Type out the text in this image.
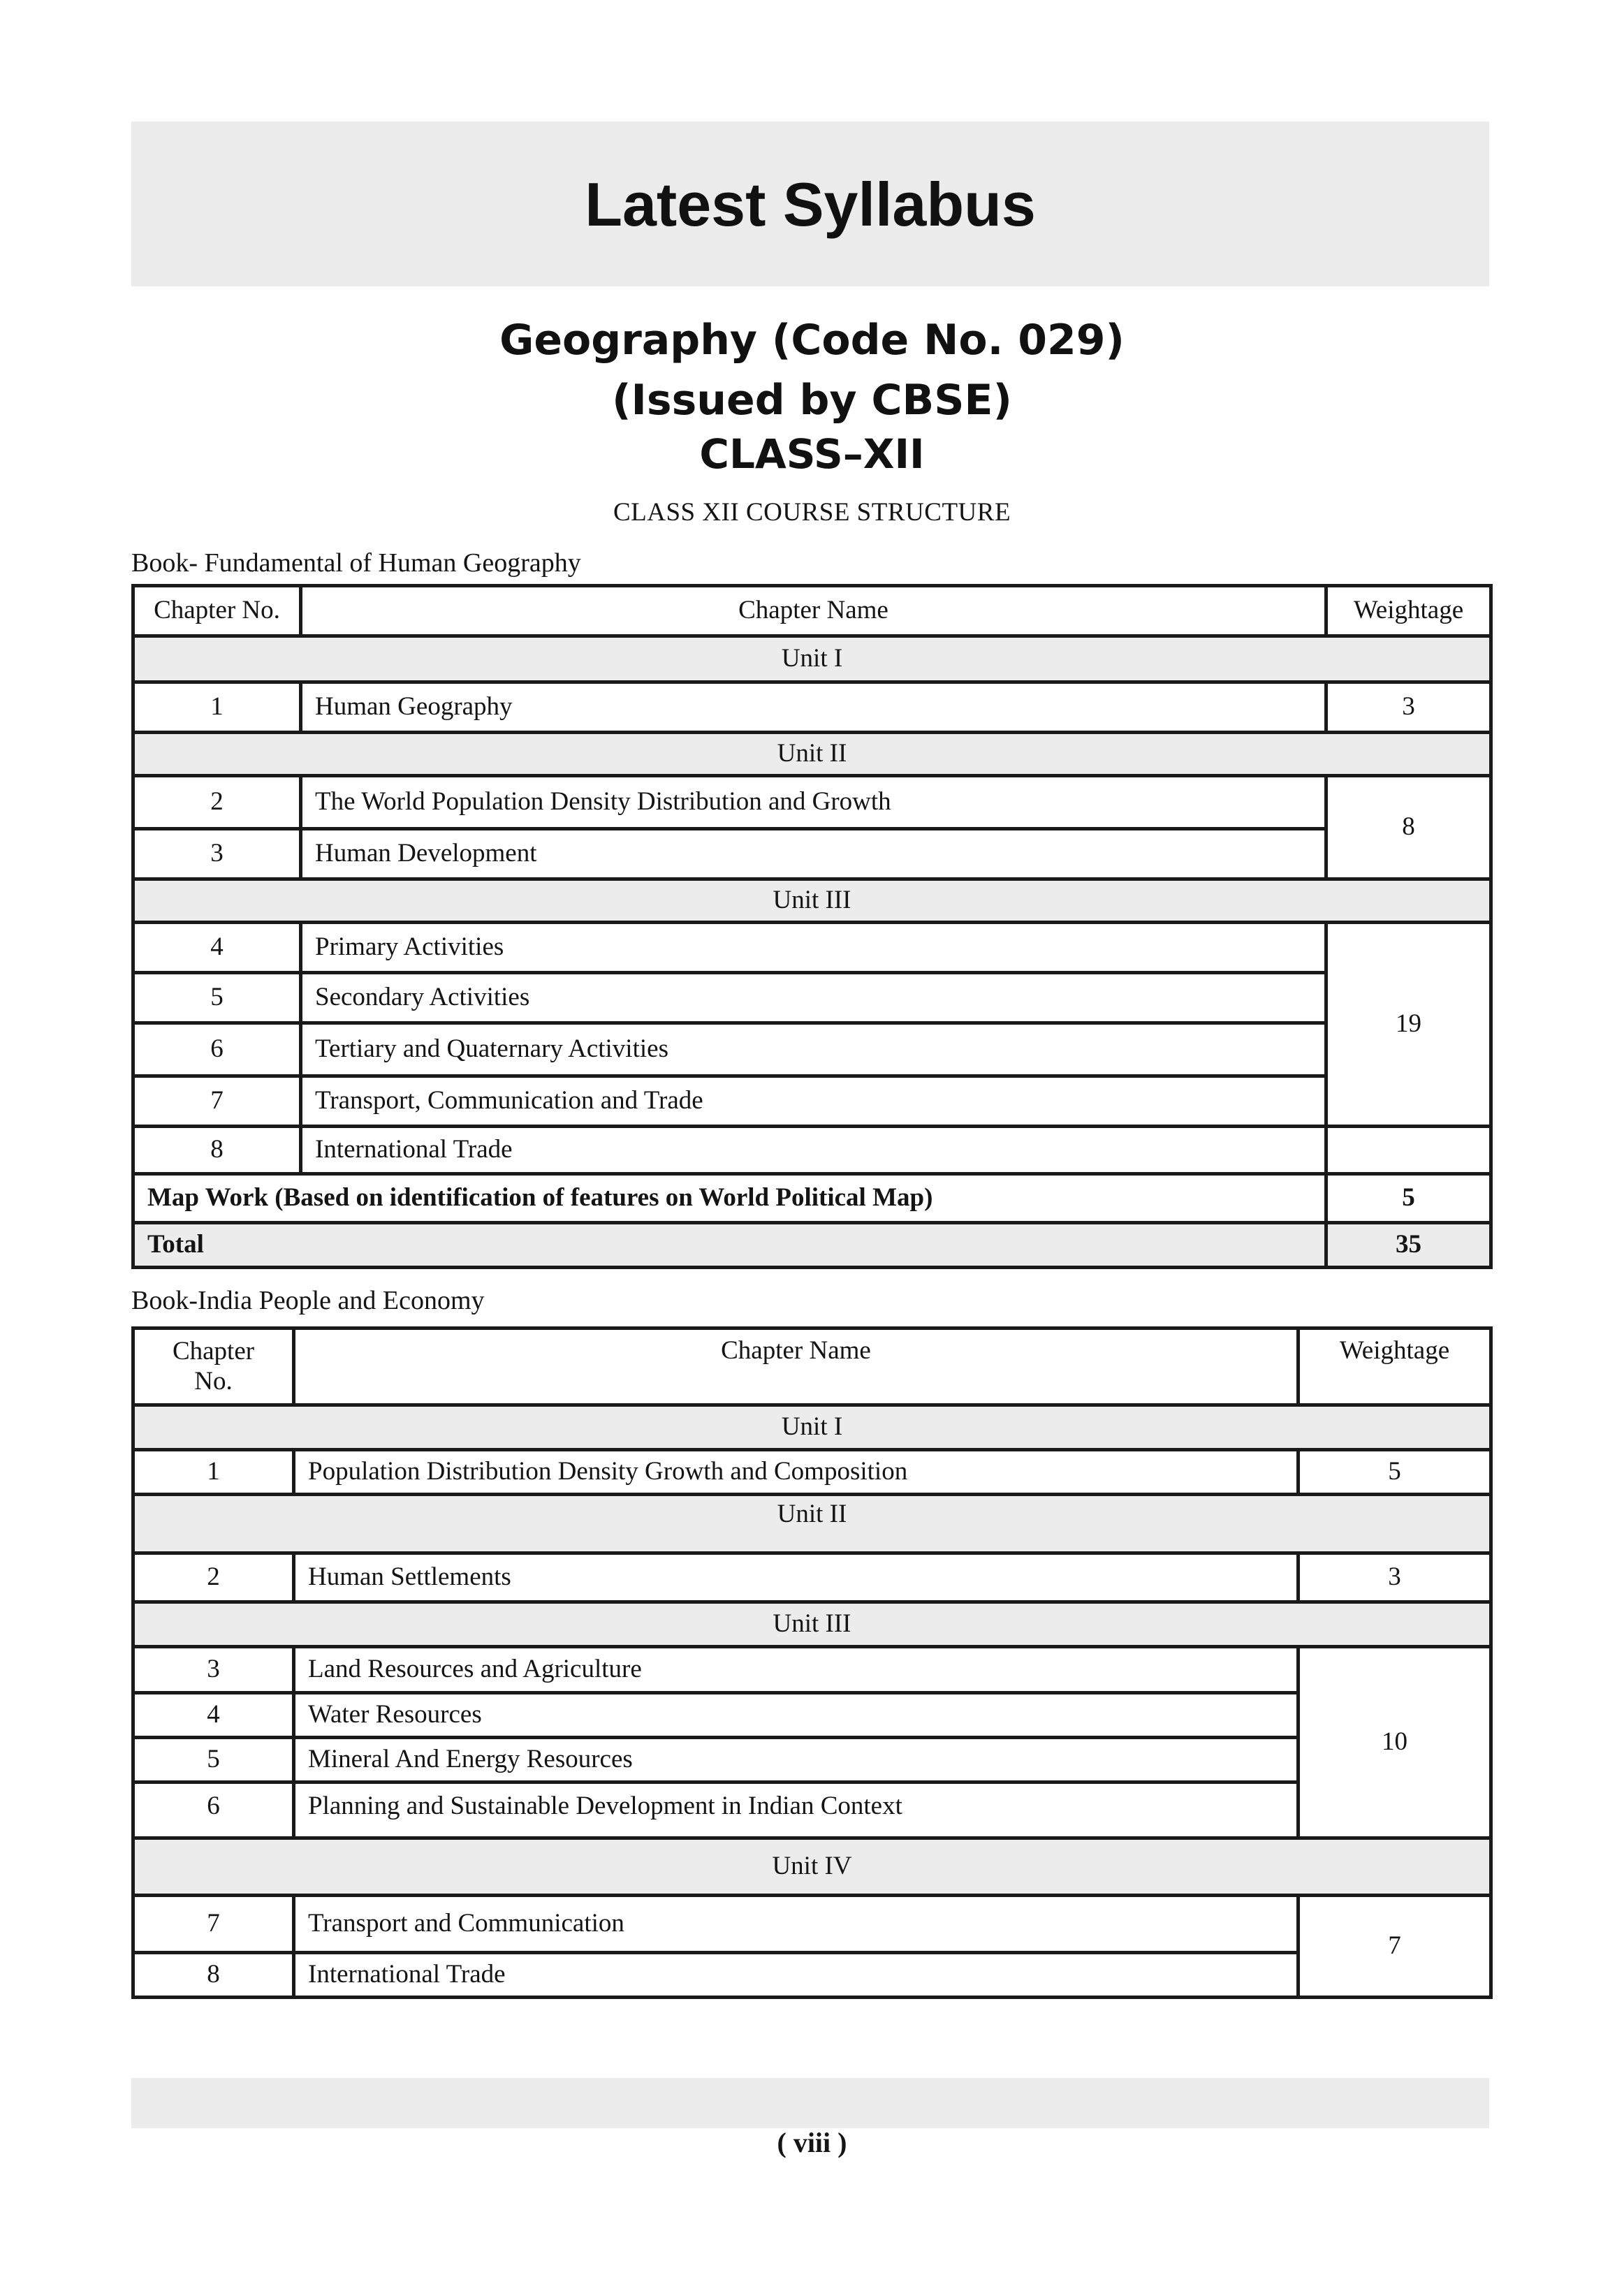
Latest Syllabus
Geography (Code No. 029)
(Issued by CBSE)
CLASS–XII
CLASS XII COURSE STRUCTURE
Book- Fundamental of Human Geography
Chapter No.	Chapter Name	Weightage
Unit I		
1	Human Geography	3
Unit II		
2	The World Population Density Distribution and Growth	8
3	Human Development	
Unit III		
4	Primary Activities	19
5	Secondary Activities	
6	Tertiary and Quaternary Activities	
7	Transport, Communication and Trade	
8	International Trade	
Map Work (Based on identification of features on World Political Map)		5
Total		35
Book-India People and Economy
Chapter No.	Chapter Name	Weightage
Unit I		
1	Population Distribution Density Growth and Composition	5
Unit II		
2	Human Settlements	3
Unit III		
3	Land Resources and Agriculture	10
4	Water Resources	
5	Mineral And Energy Resources	
6	Planning and Sustainable Development in Indian Context	
Unit IV		
7	Transport and Communication	7
8	International Trade	
( viii )
